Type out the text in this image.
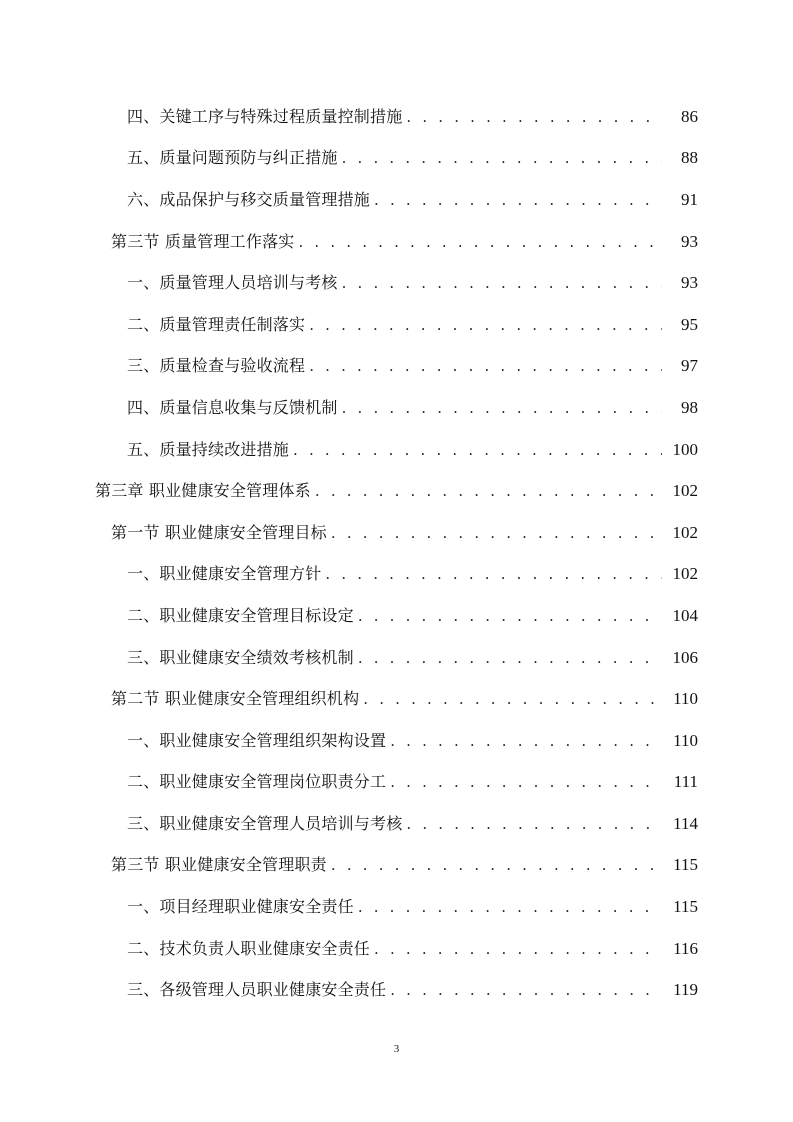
四、关键工序与特殊过程质量控制措施 . . .	86
五、质量问题预防与纠正措施 . . .	88
六、成品保护与移交质量管理措施 . . .	91
第三节 质量管理工作落实 . . .	93
一、质量管理人员培训与考核 . . .	93
二、质量管理责任制落实 . . .	95
三、质量检查与验收流程 . . .	97
四、质量信息收集与反馈机制 . . .	98
五、质量持续改进措施 . . .	100
第三章 职业健康安全管理体系 . . .	102
第一节 职业健康安全管理目标 . . .	102
一、职业健康安全管理方针 . . .	102
二、职业健康安全管理目标设定 . . .	104
三、职业健康安全绩效考核机制 . . .	106
第二节 职业健康安全管理组织机构 . . .	110
一、职业健康安全管理组织架构设置 . . .	110
二、职业健康安全管理岗位职责分工 . . .	111
三、职业健康安全管理人员培训与考核 . . .	114
第三节 职业健康安全管理职责 . . .	115
一、项目经理职业健康安全责任 . . .	115
二、技术负责人职业健康安全责任 . . .	116
三、各级管理人员职业健康安全责任 . . .	119
3
